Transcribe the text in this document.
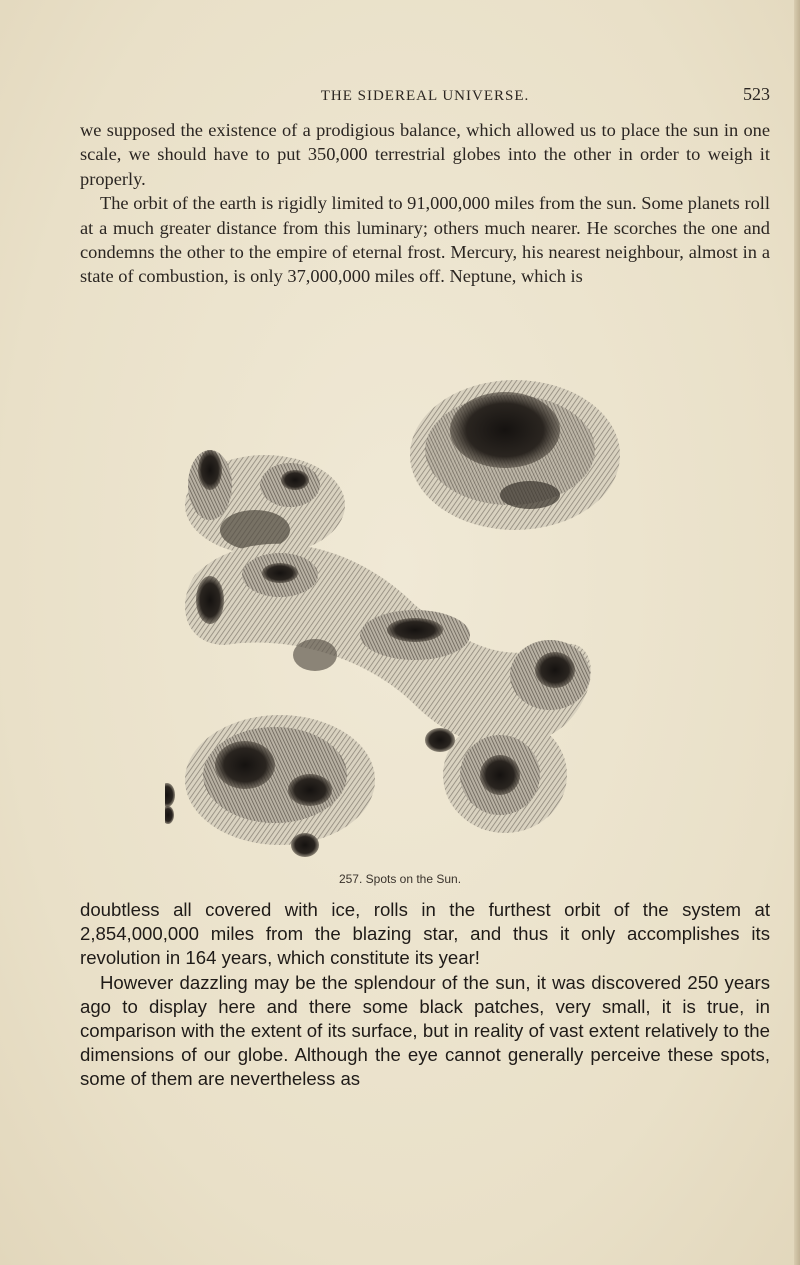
THE SIDEREAL UNIVERSE.	523

we supposed the existence of a prodigious balance, which allowed us to place the sun in one scale, we should have to put 350,000 terrestrial globes into the other in order to weigh it properly.

The orbit of the earth is rigidly limited to 91,000,000 miles from the sun. Some planets roll at a much greater distance from this luminary; others much nearer. He scorches the one and condemns the other to the empire of eternal frost. Mercury, his nearest neighbour, almost in a state of combustion, is only 37,000,000 miles off. Neptune, which is

257. Spots on the Sun.

doubtless all covered with ice, rolls in the furthest orbit of the system at 2,854,000,000 miles from the blazing star, and thus it only accomplishes its revolution in 164 years, which constitute its year!

However dazzling may be the splendour of the sun, it was discovered 250 years ago to display here and there some black patches, very small, it is true, in comparison with the extent of its surface, but in reality of vast extent relatively to the dimensions of our globe. Although the eye cannot generally perceive these spots, some of them are nevertheless as
